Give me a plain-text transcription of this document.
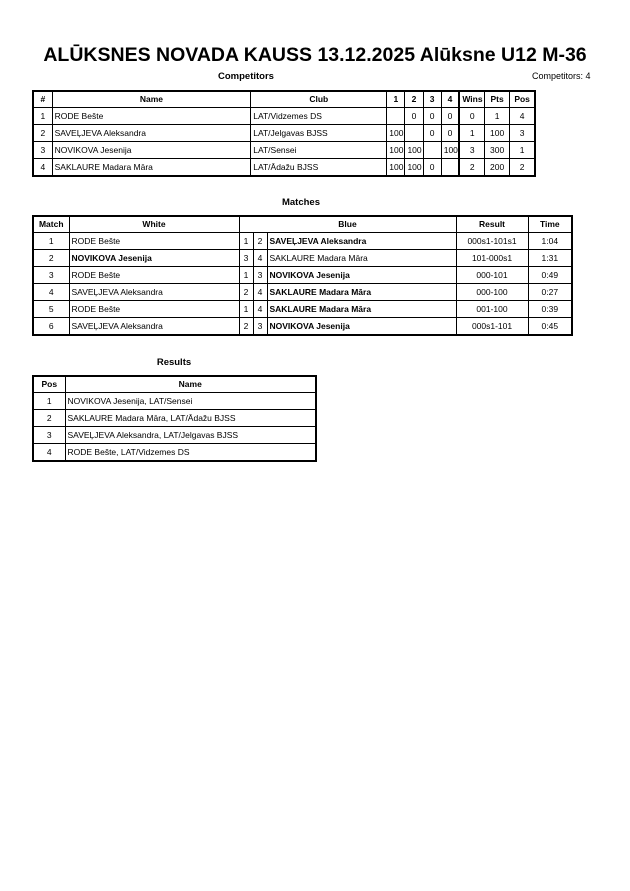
ALŪKSNES NOVADA KAUSS 13.12.2025 Alūksne U12 M-36
Competitors	Competitors: 4
#	Name	Club	1	2	3	4	Wins	Pts	Pos
1	RODE Bešte	LAT/Vidzemes DS		0	0	0	0	1	4
2	SAVEĻJEVA Aleksandra	LAT/Jelgavas BJSS	100		0	0	1	100	3
3	NOVIKOVA Jesenija	LAT/Sensei	100	100		100	3	300	1
4	SAKLAURE Madara Māra	LAT/Ādažu BJSS	100	100	0		2	200	2
Matches
Match	White	Blue			Result	Time
1	RODE Bešte	1	2	SAVEĻJEVA Aleksandra	000s1-101s1	1:04
2	NOVIKOVA Jesenija	3	4	SAKLAURE Madara Māra	101-000s1	1:31
3	RODE Bešte	1	3	NOVIKOVA Jesenija	000-101	0:49
4	SAVEĻJEVA Aleksandra	2	4	SAKLAURE Madara Māra	000-100	0:27
5	RODE Bešte	1	4	SAKLAURE Madara Māra	001-100	0:39
6	SAVEĻJEVA Aleksandra	2	3	NOVIKOVA Jesenija	000s1-101	0:45
Results
Pos	Name
1	NOVIKOVA Jesenija, LAT/Sensei
2	SAKLAURE Madara Māra, LAT/Ādažu BJSS
3	SAVEĻJEVA Aleksandra, LAT/Jelgavas BJSS
4	RODE Bešte, LAT/Vidzemes DS
